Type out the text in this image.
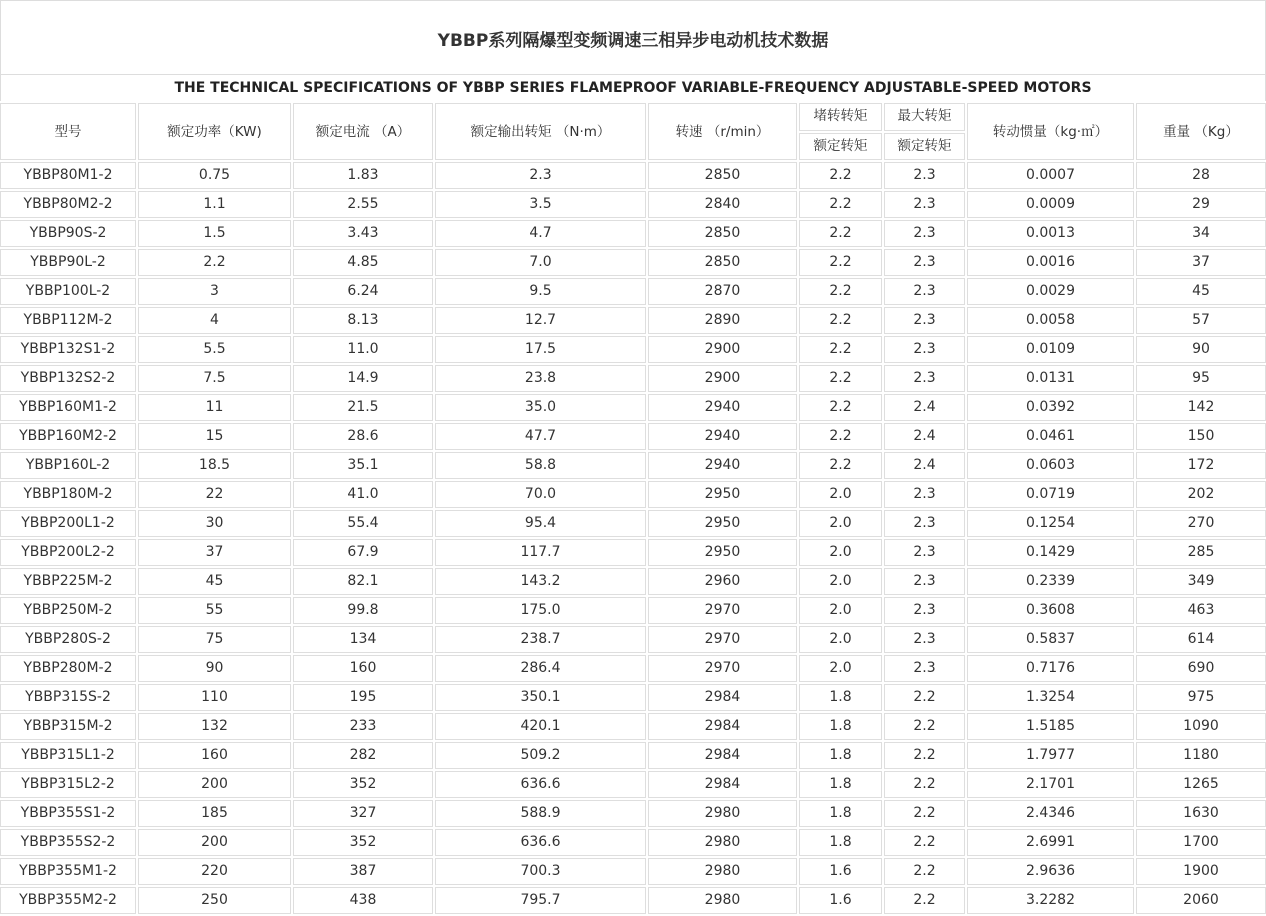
YBBP系列隔爆型变频调速三相异步电动机技术数据
THE TECHNICAL SPECIFICATIONS OF YBBP SERIES FLAMEPROOF VARIABLE-FREQUENCY ADJUSTABLE-SPEED MOTORS
型号	额定功率（KW)	额定电流 （A）	额定输出转矩 （N·m）	转速 （r/min）	堵转转矩	最大转矩	转动惯量（kg·㎡）	重量 （Kg）
					额定转矩	额定转矩		
YBBP80M1-2	0.75	1.83	2.3	2850	2.2	2.3	0.0007	28
YBBP80M2-2	1.1	2.55	3.5	2840	2.2	2.3	0.0009	29
YBBP90S-2	1.5	3.43	4.7	2850	2.2	2.3	0.0013	34
YBBP90L-2	2.2	4.85	7.0	2850	2.2	2.3	0.0016	37
YBBP100L-2	3	6.24	9.5	2870	2.2	2.3	0.0029	45
YBBP112M-2	4	8.13	12.7	2890	2.2	2.3	0.0058	57
YBBP132S1-2	5.5	11.0	17.5	2900	2.2	2.3	0.0109	90
YBBP132S2-2	7.5	14.9	23.8	2900	2.2	2.3	0.0131	95
YBBP160M1-2	11	21.5	35.0	2940	2.2	2.4	0.0392	142
YBBP160M2-2	15	28.6	47.7	2940	2.2	2.4	0.0461	150
YBBP160L-2	18.5	35.1	58.8	2940	2.2	2.4	0.0603	172
YBBP180M-2	22	41.0	70.0	2950	2.0	2.3	0.0719	202
YBBP200L1-2	30	55.4	95.4	2950	2.0	2.3	0.1254	270
YBBP200L2-2	37	67.9	117.7	2950	2.0	2.3	0.1429	285
YBBP225M-2	45	82.1	143.2	2960	2.0	2.3	0.2339	349
YBBP250M-2	55	99.8	175.0	2970	2.0	2.3	0.3608	463
YBBP280S-2	75	134	238.7	2970	2.0	2.3	0.5837	614
YBBP280M-2	90	160	286.4	2970	2.0	2.3	0.7176	690
YBBP315S-2	110	195	350.1	2984	1.8	2.2	1.3254	975
YBBP315M-2	132	233	420.1	2984	1.8	2.2	1.5185	1090
YBBP315L1-2	160	282	509.2	2984	1.8	2.2	1.7977	1180
YBBP315L2-2	200	352	636.6	2984	1.8	2.2	2.1701	1265
YBBP355S1-2	185	327	588.9	2980	1.8	2.2	2.4346	1630
YBBP355S2-2	200	352	636.6	2980	1.8	2.2	2.6991	1700
YBBP355M1-2	220	387	700.3	2980	1.6	2.2	2.9636	1900
YBBP355M2-2	250	438	795.7	2980	1.6	2.2	3.2282	2060
